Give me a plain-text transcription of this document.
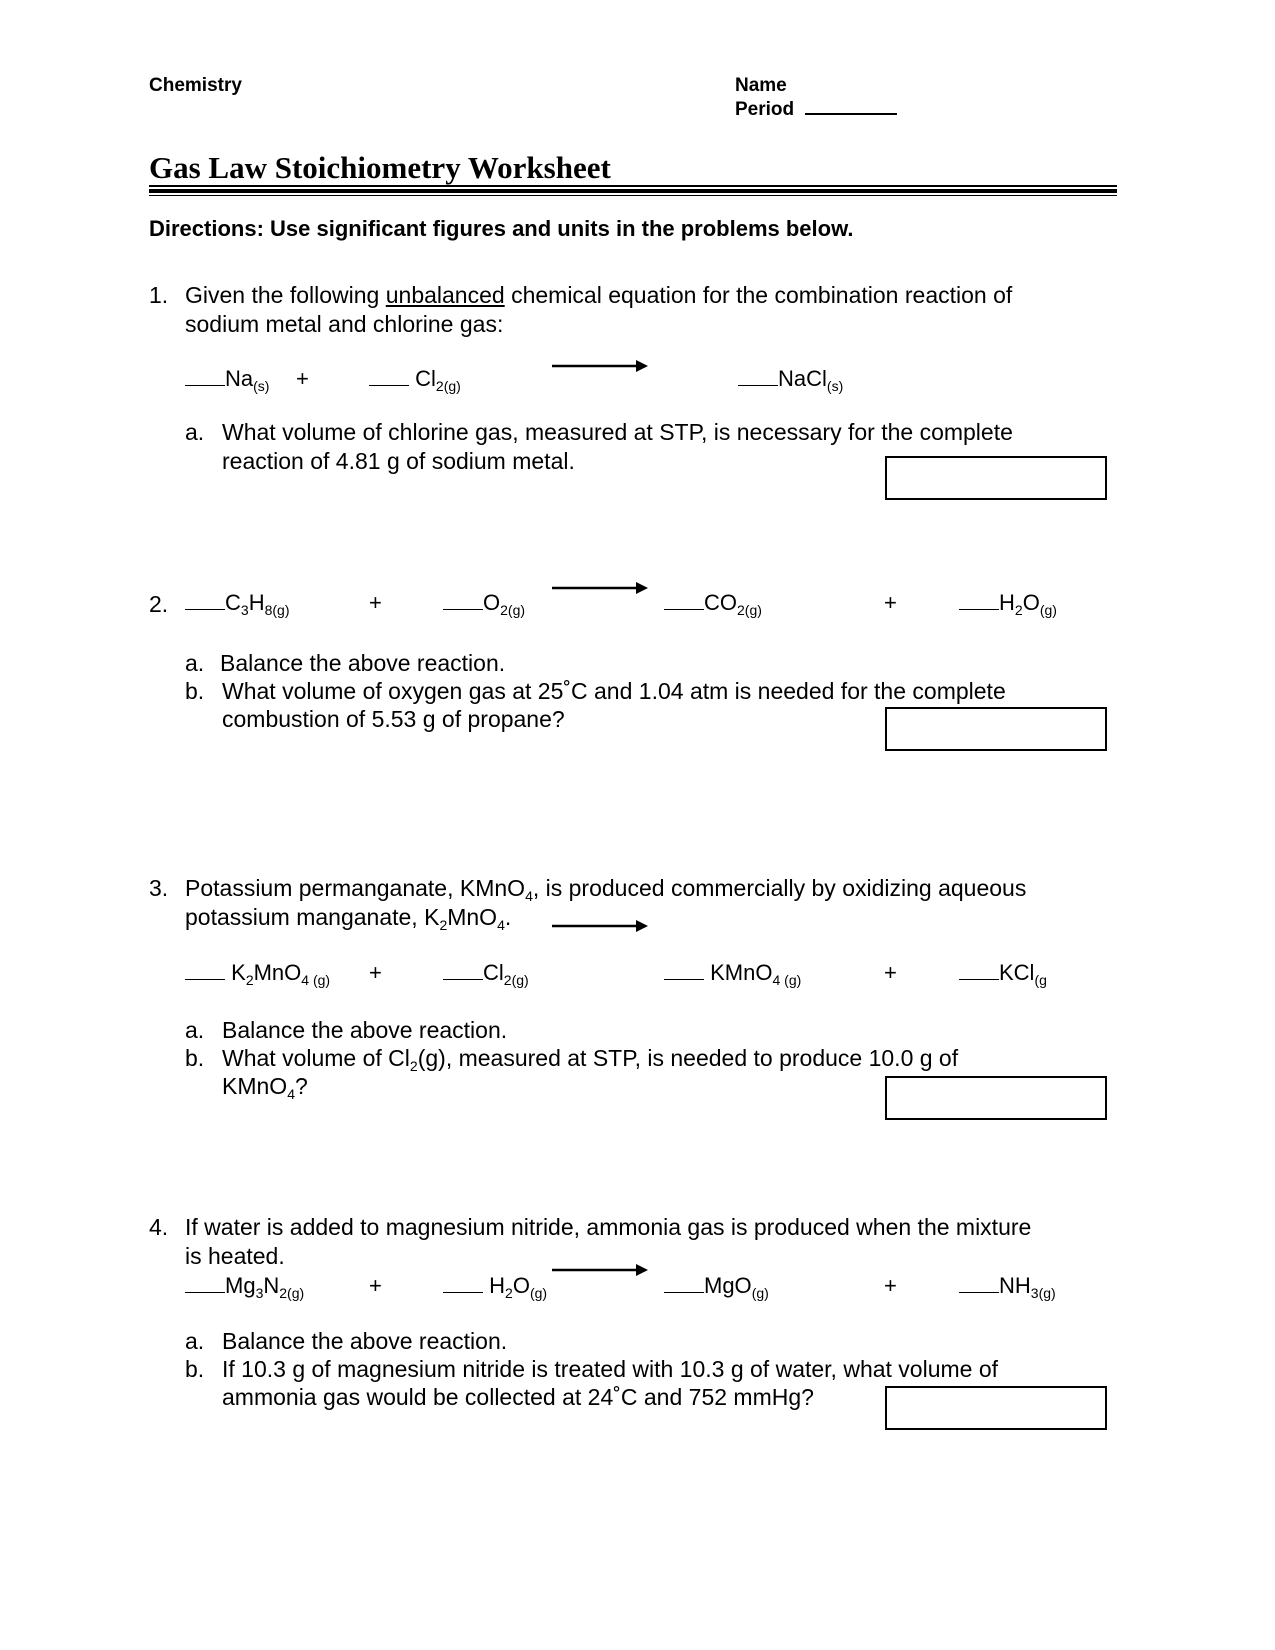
Chemistry	Name
Period
Gas Law Stoichiometry Worksheet
Directions: Use significant figures and units in the problems below.
1. Given the following unbalanced chemical equation for the combination reaction of
sodium metal and chlorine gas:
$Na_{(s)}$ +	$Cl_{2(g)}$	NaCl$_{(s)}$
a. What volume of chlorine gas, measured at STP, is necessary for the complete
reaction of 4.81 g of sodium metal.
2.	$C_3H_{8(g)}$	+	$O_{2(g)}$	$CO_{2(g)}$	+	$H_2O_{(g)}$
a. Balance the above reaction.
b. What volume of oxygen gas at 25˚C and 1.04 atm is needed for the complete
combustion of 5.53 g of propane?
3. Potassium permanganate, KMnO$_4$, is produced commercially by oxidizing aqueous
potassium manganate, $K_2MnO_4$.
$K_2MnO_{4 (g)}$ +	$Cl_{2(g)}$	KMnO$_{4 (g)}$	+	KCl$_{(g}$
a. Balance the above reaction.
b. What volume of $Cl_2(g)$, measured at STP, is needed to produce 10.0 g of
KMnO$_4$?
4. If water is added to magnesium nitride, ammonia gas is produced when the mixture
is heated.
$Mg_3N_{2(g)}$	+	$H_2O_{(g)}$	MgO$_{(g)}$	+	$NH_{3(g)}$
a. Balance the above reaction.
b. If 10.3 g of magnesium nitride is treated with 10.3 g of water, what volume of
ammonia gas would be collected at 24˚C and 752 mmHg?
